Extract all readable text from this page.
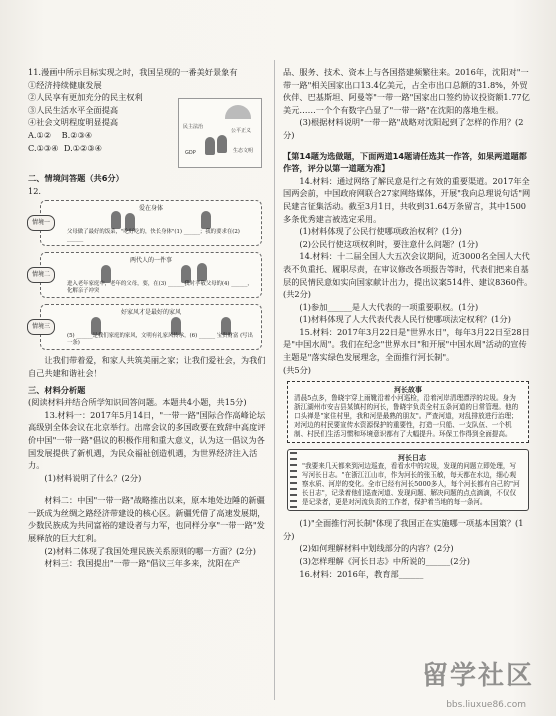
11.漫画中所示目标实现之时，我国呈现的一番美好景象有

①经济持续健康发展

②人民享有更加充分的民主权利

③人民生活水平全面提高

④社会文明程度明显提高

A.①② B.②③④
C.①③④ D.①②③④

民主法治
公平正义
生态文明
GDP

二、情境问答题（共6分）

12.

情境一
爱在身体
父母做了最好的饭菜，"吃好吃的，快长身体"(1) ______；我的要求在(2) ______
情境二
两代人的一件事
进入老年家庭中，老年的父母，要，在(3) ______我对孝敬父母的(4) ______，化解亲子冲突
情境三
好家风才是最好的家风
(5) ______是我们家庭的家风，文明有礼家风传承，(6) ______ 宝贵财富 (写出一条)

让我们带着爱，和家人共筑美丽之家；让我们爱社会，为我们自己共建和谐社会！

三、材料分析题

(阅读材料并结合所学知识回答问题。本题共4小题，共15分)

13.材料一：2017年5月14日，"一带一路"国际合作高峰论坛高级别全体会议在北京举行。出席会议的多国政要在致辞中高度评价中国"一带一路"倡议的积极作用和重大意义，认为这一倡议为各国发展提供了新机遇，为民众福祉创造机遇，为世界经济注入活力。

(1)材料说明了什么？(2分)

材料二：中国"一带一路"战略推出以来，原本地处边陲的新疆一跃成为丝绸之路经济带建设的核心区。新疆凭借了高速发展期，少数民族成为共同富裕的建设者与力军，也同样分享"一带一路"发展释放的巨大红利。

(2)材料二体现了我国处理民族关系原则的哪一方面？(2分)

材料三：我国提出"一带一路"倡议三年多来，沈阳在产

品、服务、技术、资本上与各国搭建频繁往来。2016年，沈阳对"一带一路"相关国家出口13.4亿美元，占全市出口总额的31.8%，外贸伙伴、巴基斯坦、阿曼等"一带一路"国家出口签约协议投资额1.77亿美元……一个个有数字凸显了"一带一路"在沈阳的落地生根。

(3)根据材料说明"一带一路"战略对沈阳起到了怎样的作用？(2分)

【第14题为选做题，下面两道14题请任选其一作答，如果两道题都作答，评分以第一道题为准】

14.材料：通过网络了解民意是行之有效的重要渠道。2017年全国两会前，中国政府网联合27家网络媒体，开展"我向总理说句话"网民建言征集活动。截至3月1日，共收到31.64万条留言，其中1500多条优秀建言被选定采用。

(1)材料体现了公民行使哪项政治权利？(1分)

(2)公民行使这项权利时，要注意什么问题？(1分)

14.材料：十二届全国人大五次会议期间，近3000名全国人大代表不负重托、履职尽责，在审议修改各项报告等时，代表们把来自基层的民情民意如实向国家献计出力，提出议案514件、建议8360件。(共2分)

(1)参加______是人大代表的一项重要职权。(1分)

(1)材料体现了人大代表代表人民行使哪项法定权利？(1分)

15.材料：2017年3月22日是"世界水日"，每年3月22日至28日是"中国水周"。我们在纪念"世界水日"和开展"中国水周"活动的宣传主题是"落实绿色发展理念，全面推行河长制"。

(共5分)

河长故事
清晨5点多，鲁晓宇穿上雨靴沿着小河巡检，沿着河岸清理漂浮的垃圾。身为浙江湖州市安吉县某镇村的河长，鲁晓宇负责全村五条河道的日常管理。他的口头禅是"家住村里，我和河是最熟的朋友"。严查河道，对乱排放进行治理；对河边的村民要宣传水资源保护的重要性，打造一只船、一支队伍、一个机制、村民们生活习惯和环境意识都有了大幅提升。环保工作得到全面提高。
河长日志
"我要来几天都来到河边巡查，看看水中的垃圾，发现的问题立即处理，写写河长日志。"在浙江江山市，作为河长的张玉敏，每天都在水边，细心观察水质、河岸的变化。全市已经有河长5000多人，每个河长都有自己的"河长日志"，记录着他们巡查河道、发现问题、解决问题的点点滴滴，不仅仅是记录者，更是对河流负责的工作者，保护着当地的每一条河。

(1)"全面推行河长制"体现了我国正在实施哪一项基本国策？(1分)

(2)如何理解材料中划线部分的内容？(2分)

(3)怎样理解《河长日志》中所说的______(2分)

16.材料：2016年，教育部______

留学社区
bbs.liuxue86.com
